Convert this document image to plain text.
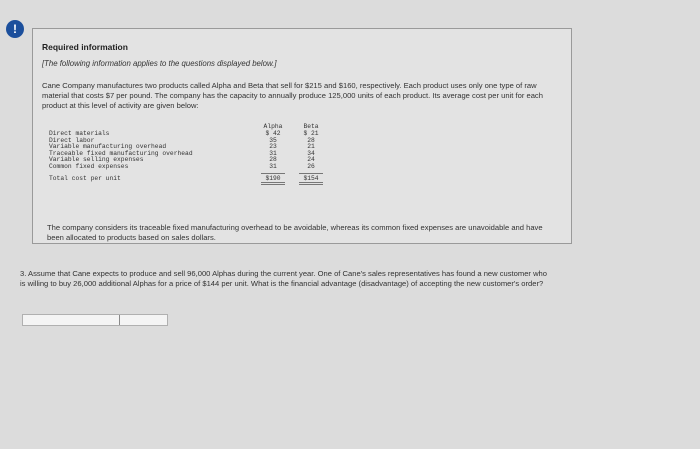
!
Required information
[The following information applies to the questions displayed below.]
Cane Company manufactures two products called Alpha and Beta that sell for $215 and $160, respectively. Each product uses only one type of raw material that costs $7 per pound. The company has the capacity to annually produce 125,000 units of each product. Its average cost per unit for each product at this level of activity are given below:
Alpha	Beta
Direct materials	$ 42	$ 21
Direct labor	35	28
Variable manufacturing overhead	23	21
Traceable fixed manufacturing overhead	31	34
Variable selling expenses	28	24
Common fixed expenses	31	26
Total cost per unit	$190	$154
The company considers its traceable fixed manufacturing overhead to be avoidable, whereas its common fixed expenses are unavoidable and have been allocated to products based on sales dollars.
3. Assume that Cane expects to produce and sell 96,000 Alphas during the current year. One of Cane's sales representatives has found a new customer who is willing to buy 26,000 additional Alphas for a price of $144 per unit. What is the financial advantage (disadvantage) of accepting the new customer's order?
